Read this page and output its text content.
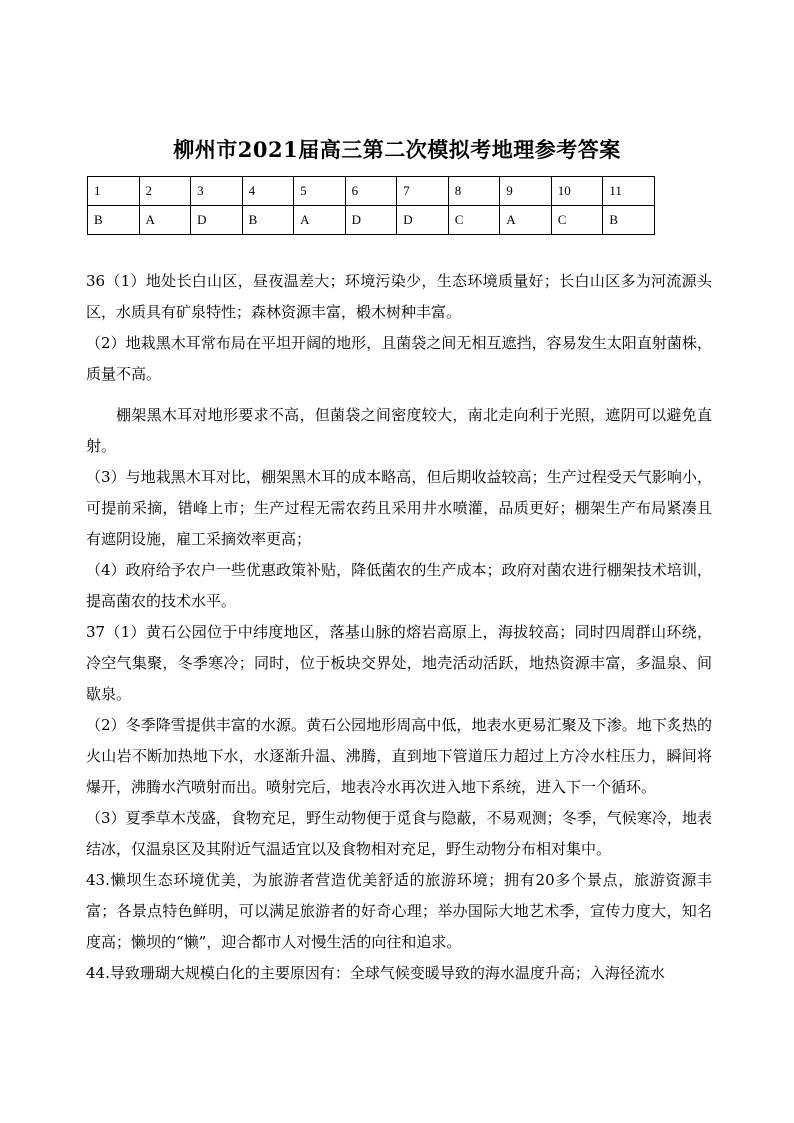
柳州市2021届高三第二次模拟考地理参考答案
1	2	3	4	5	6	7	8	9	10	11
B	A	D	B	A	D	D	C	A	C	B

36（1）地处长白山区，昼夜温差大；环境污染少，生态环境质量好；长白山区多为河流源头区，水质具有矿泉特性；森林资源丰富，椴木树种丰富。

（2）地栽黑木耳常布局在平坦开阔的地形，且菌袋之间无相互遮挡，容易发生太阳直射菌株，质量不高。

棚架黑木耳对地形要求不高，但菌袋之间密度较大，南北走向利于光照，遮阴可以避免直射。

（3）与地栽黑木耳对比，棚架黑木耳的成本略高，但后期收益较高；生产过程受天气影响小，可提前采摘，错峰上市；生产过程无需农药且采用井水喷灌，品质更好；棚架生产布局紧凑且有遮阴设施，雇工采摘效率更高；

（4）政府给予农户一些优惠政策补贴，降低菌农的生产成本；政府对菌农进行棚架技术培训，提高菌农的技术水平。

37（1）黄石公园位于中纬度地区，落基山脉的熔岩高原上，海拔较高；同时四周群山环绕，冷空气集聚，冬季寒冷；同时，位于板块交界处，地壳活动活跃，地热资源丰富，多温泉、间歇泉。

（2）冬季降雪提供丰富的水源。黄石公园地形周高中低，地表水更易汇聚及下渗。地下炙热的火山岩不断加热地下水，水逐渐升温、沸腾，直到地下管道压力超过上方冷水柱压力，瞬间将爆开，沸腾水汽喷射而出。喷射完后，地表冷水再次进入地下系统，进入下一个循环。

（3）夏季草木茂盛，食物充足，野生动物便于觅食与隐蔽，不易观测；冬季，气候寒冷，地表结冰，仅温泉区及其附近气温适宜以及食物相对充足，野生动物分布相对集中。

43.懒坝生态环境优美，为旅游者营造优美舒适的旅游环境；拥有20多个景点，旅游资源丰富；各景点特色鲜明，可以满足旅游者的好奇心理；举办国际大地艺术季，宣传力度大，知名度高；懒坝的“懒”，迎合都市人对慢生活的向往和追求。

44.导致珊瑚大规模白化的主要原因有：全球气候变暖导致的海水温度升高；入海径流水
